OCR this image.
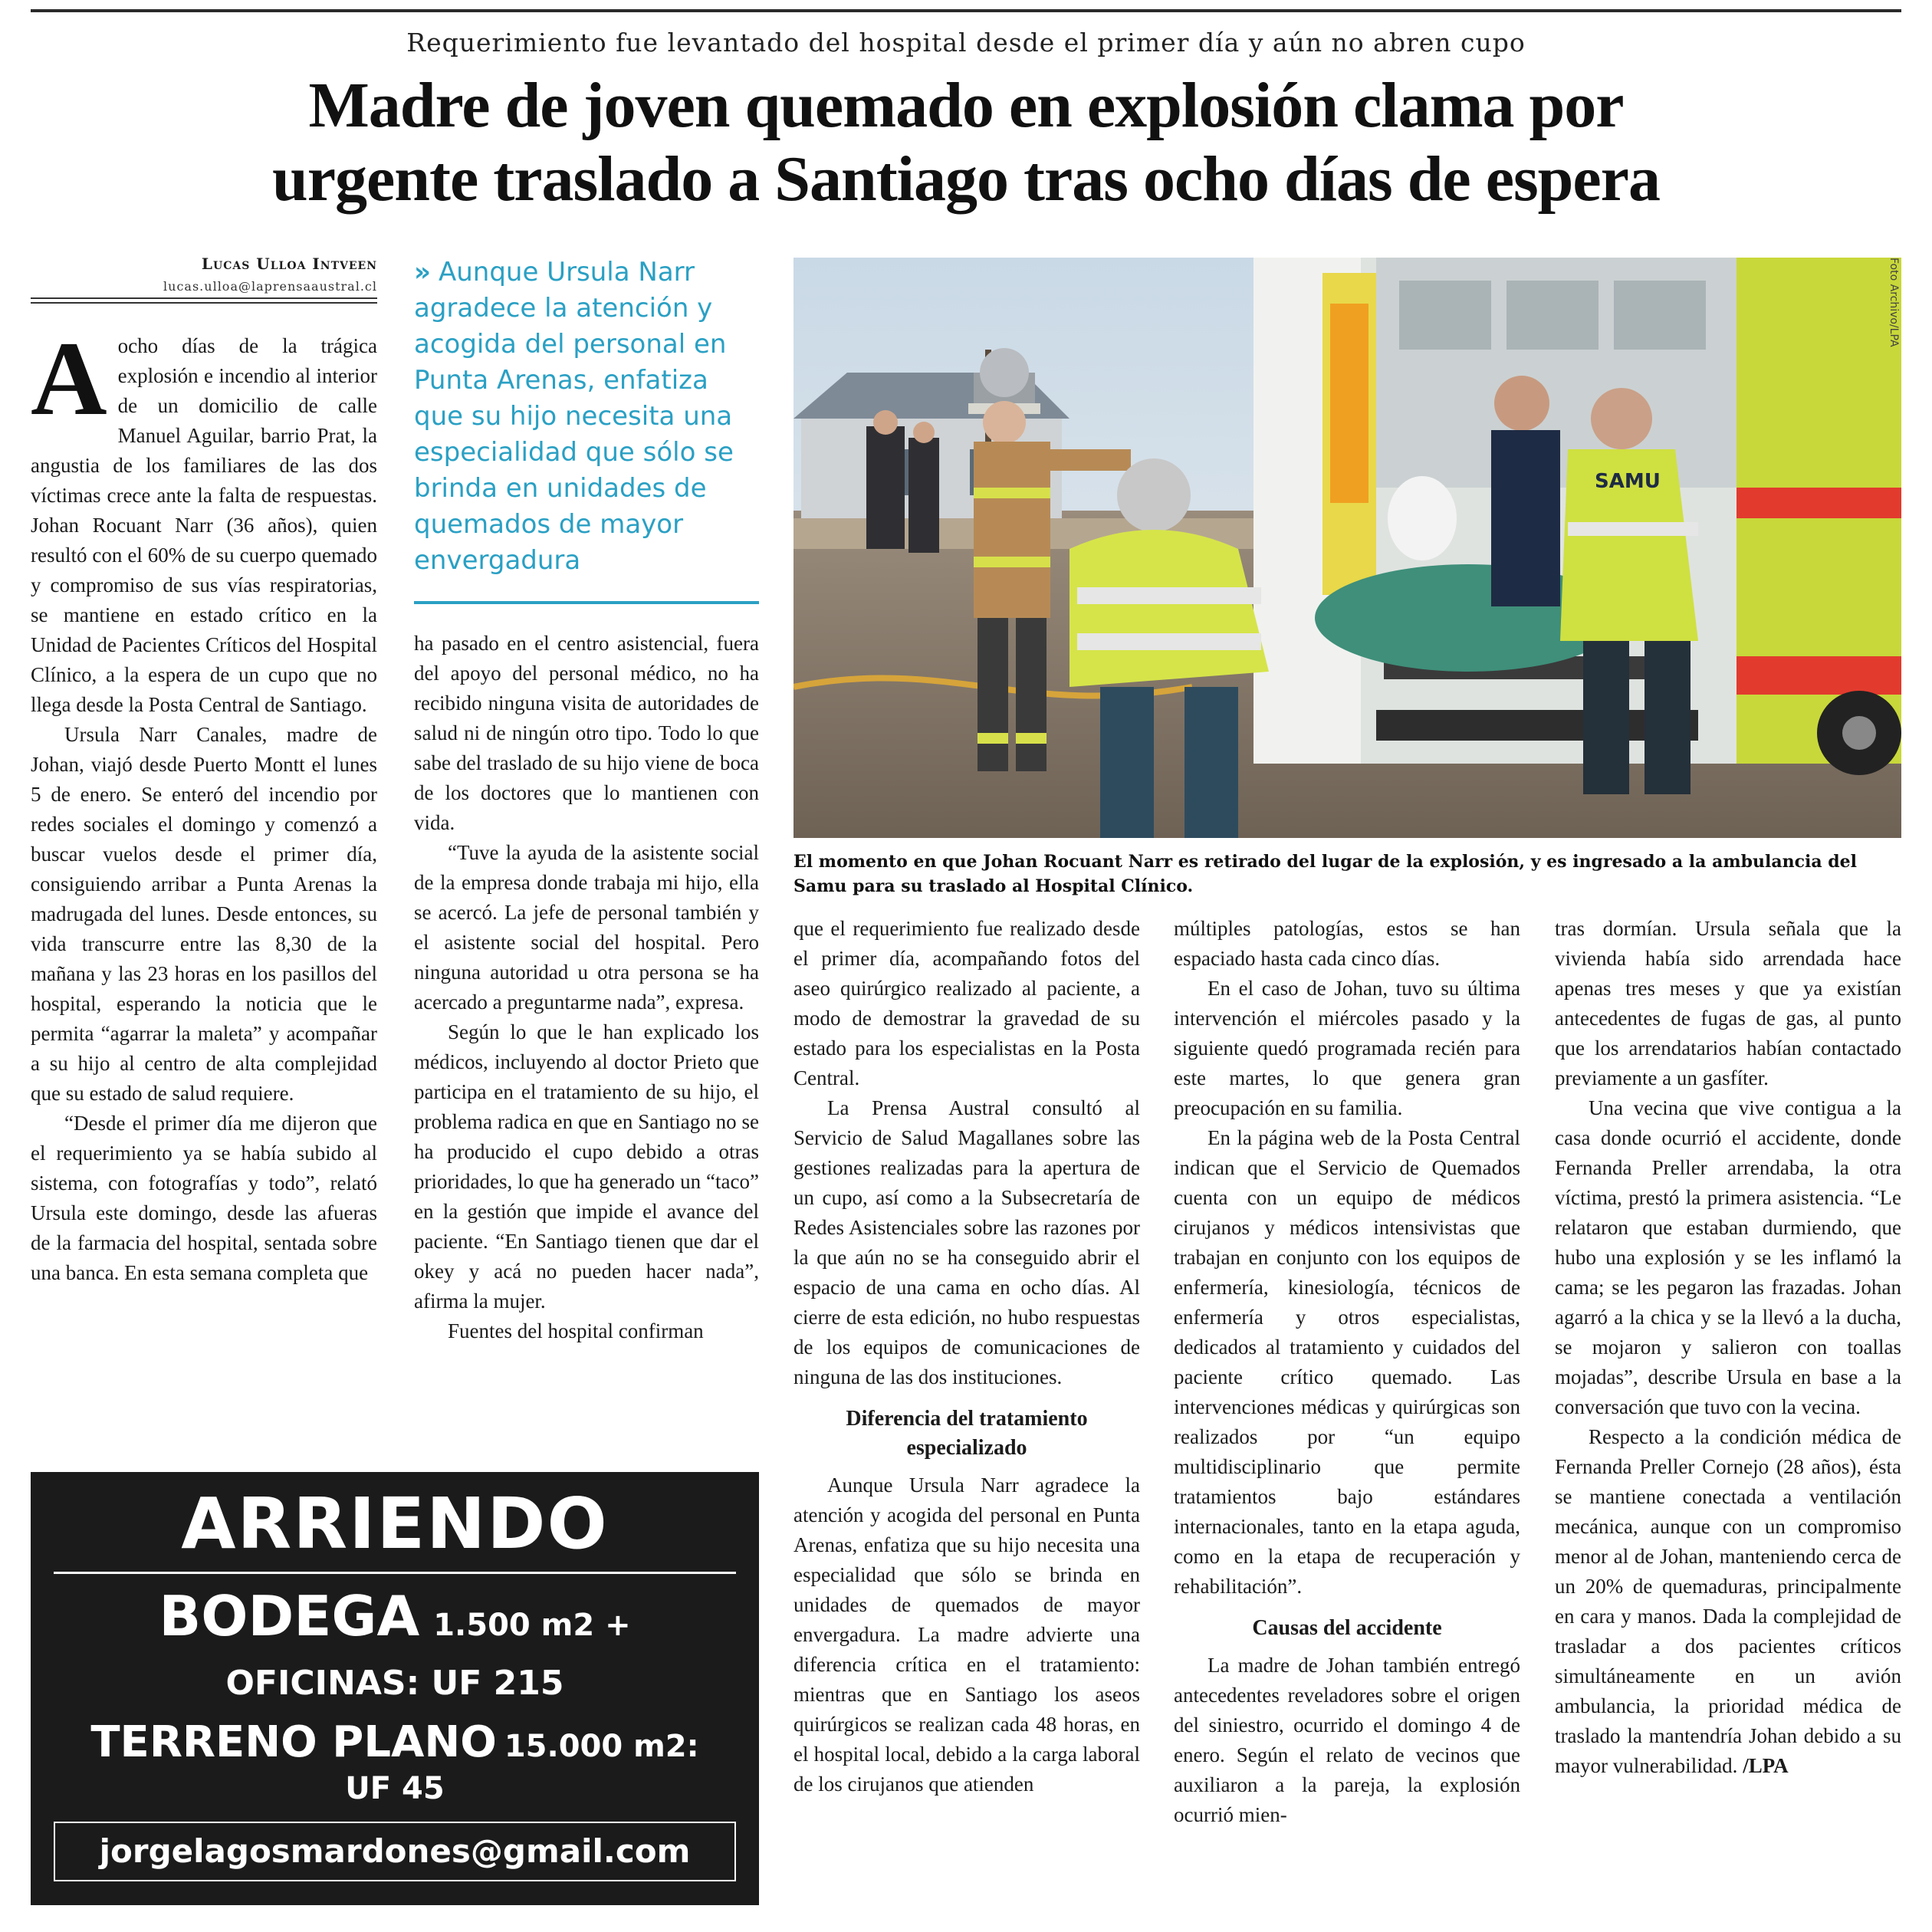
Requerimiento fue levantado del hospital desde el primer día y aún no abren cupo
Madre de joven quemado en explosión clama por
urgente traslado a Santiago tras ocho días de espera
Lucas Ulloa Intveen
lucas.ulloa@laprensaaustral.cl

A ocho días de la trágica explosión e incendio al interior de un domicilio de calle Manuel Aguilar, barrio Prat, la angustia de los familiares de las dos víctimas crece ante la falta de respuestas. Johan Rocuant Narr (36 años), quien resultó con el 60% de su cuerpo quemado y compromiso de sus vías respiratorias, se mantiene en estado crítico en la Unidad de Pacientes Críticos del Hospital Clínico, a la espera de un cupo que no llega desde la Posta Central de Santiago.

Ursula Narr Canales, madre de Johan, viajó desde Puerto Montt el lunes 5 de enero. Se enteró del incendio por redes sociales el domingo y comenzó a buscar vuelos desde el primer día, consiguiendo arribar a Punta Arenas la madrugada del lunes. Desde entonces, su vida transcurre entre las 8,30 de la mañana y las 23 horas en los pasillos del hospital, esperando la noticia que le permita “agarrar la maleta” y acompañar a su hijo al centro de alta complejidad que su estado de salud requiere.

“Desde el primer día me dijeron que el requerimiento ya se había subido al sistema, con fotografías y todo”, relató Ursula este domingo, desde las afueras de la farmacia del hospital, sentada sobre una banca. En esta semana completa que

» Aunque Ursula Narr agradece la atención y acogida del personal en Punta Arenas, enfatiza que su hijo necesita una especialidad que sólo se brinda en unidades de quemados de mayor envergadura

ha pasado en el centro asistencial, fuera del apoyo del personal médico, no ha recibido ninguna visita de autoridades de salud ni de ningún otro tipo. Todo lo que sabe del traslado de su hijo viene de boca de los doctores que lo mantienen con vida.

“Tuve la ayuda de la asistente social de la empresa donde trabaja mi hijo, ella se acercó. La jefe de personal también y el asistente social del hospital. Pero ninguna autoridad u otra persona se ha acercado a preguntarme nada”, expresa.

Según lo que le han explicado los médicos, incluyendo al doctor Prieto que participa en el tratamiento de su hijo, el problema radica en que en Santiago no se ha producido el cupo debido a otras prioridades, lo que ha generado un “taco” en la gestión que impide el avance del paciente. “En Santiago tienen que dar el okey y acá no pueden hacer nada”, afirma la mujer.

Fuentes del hospital confirman

SAMU
Foto Archivo/LPA
El momento en que Johan Rocuant Narr es retirado del lugar de la explosión, y es ingresado a la ambulancia del Samu para su traslado al Hospital Clínico.

que el requerimiento fue realizado desde el primer día, acompañando fotos del aseo quirúrgico realizado al paciente, a modo de demostrar la gravedad de su estado para los especialistas en la Posta Central.

La Prensa Austral consultó al Servicio de Salud Magallanes sobre las gestiones realizadas para la apertura de un cupo, así como a la Subsecretaría de Redes Asistenciales sobre las razones por la que aún no se ha conseguido abrir el espacio de una cama en ocho días. Al cierre de esta edición, no hubo respuestas de los equipos de comunicaciones de ninguna de las dos instituciones.

Diferencia del tratamiento especializado

Aunque Ursula Narr agradece la atención y acogida del personal en Punta Arenas, enfatiza que su hijo necesita una especialidad que sólo se brinda en unidades de quemados de mayor envergadura. La madre advierte una diferencia crítica en el tratamiento: mientras que en Santiago los aseos quirúrgicos se realizan cada 48 horas, en el hospital local, debido a la carga laboral de los cirujanos que atienden

múltiples patologías, estos se han espaciado hasta cada cinco días.

En el caso de Johan, tuvo su última intervención el miércoles pasado y la siguiente quedó programada recién para este martes, lo que genera gran preocupación en su familia.

En la página web de la Posta Central indican que el Servicio de Quemados cuenta con un equipo de médicos cirujanos y médicos intensivistas que trabajan en conjunto con los equipos de enfermería, kinesiología, técnicos de enfermería y otros especialistas, dedicados al tratamiento y cuidados del paciente crítico quemado. Las intervenciones médicas y quirúrgicas son realizados por “un equipo multidisciplinario que permite tratamientos bajo estándares internacionales, tanto en la etapa aguda, como en la etapa de recuperación y rehabilitación”.

Causas del accidente

La madre de Johan también entregó antecedentes reveladores sobre el origen del siniestro, ocurrido el domingo 4 de enero. Según el relato de vecinos que auxiliaron a la pareja, la explosión ocurrió mien-

tras dormían. Ursula señala que la vivienda había sido arrendada hace apenas tres meses y que ya existían antecedentes de fugas de gas, al punto que los arrendatarios habían contactado previamente a un gasfíter.

Una vecina que vive contigua a la casa donde ocurrió el accidente, donde Fernanda Preller arrendaba, la otra víctima, prestó la primera asistencia. “Le relataron que estaban durmiendo, que hubo una explosión y se les inflamó la cama; se les pegaron las frazadas. Johan agarró a la chica y se la llevó a la ducha, se mojaron y salieron con toallas mojadas”, describe Ursula en base a la conversación que tuvo con la vecina.

Respecto a la condición médica de Fernanda Preller Cornejo (28 años), ésta se mantiene conectada a ventilación mecánica, aunque con un compromiso menor al de Johan, manteniendo cerca de un 20% de quemaduras, principalmente en cara y manos. Dada la complejidad de trasladar a dos pacientes críticos simultáneamente en un avión ambulancia, la prioridad médica de traslado la mantendría Johan debido a su mayor vulnerabilidad. /LPA

ARRIENDO
BODEGA 1.500 m2 +
OFICINAS: UF 215
TERRENO PLANO 15.000 m2:
UF 45
jorgelagosmardones@gmail.com
